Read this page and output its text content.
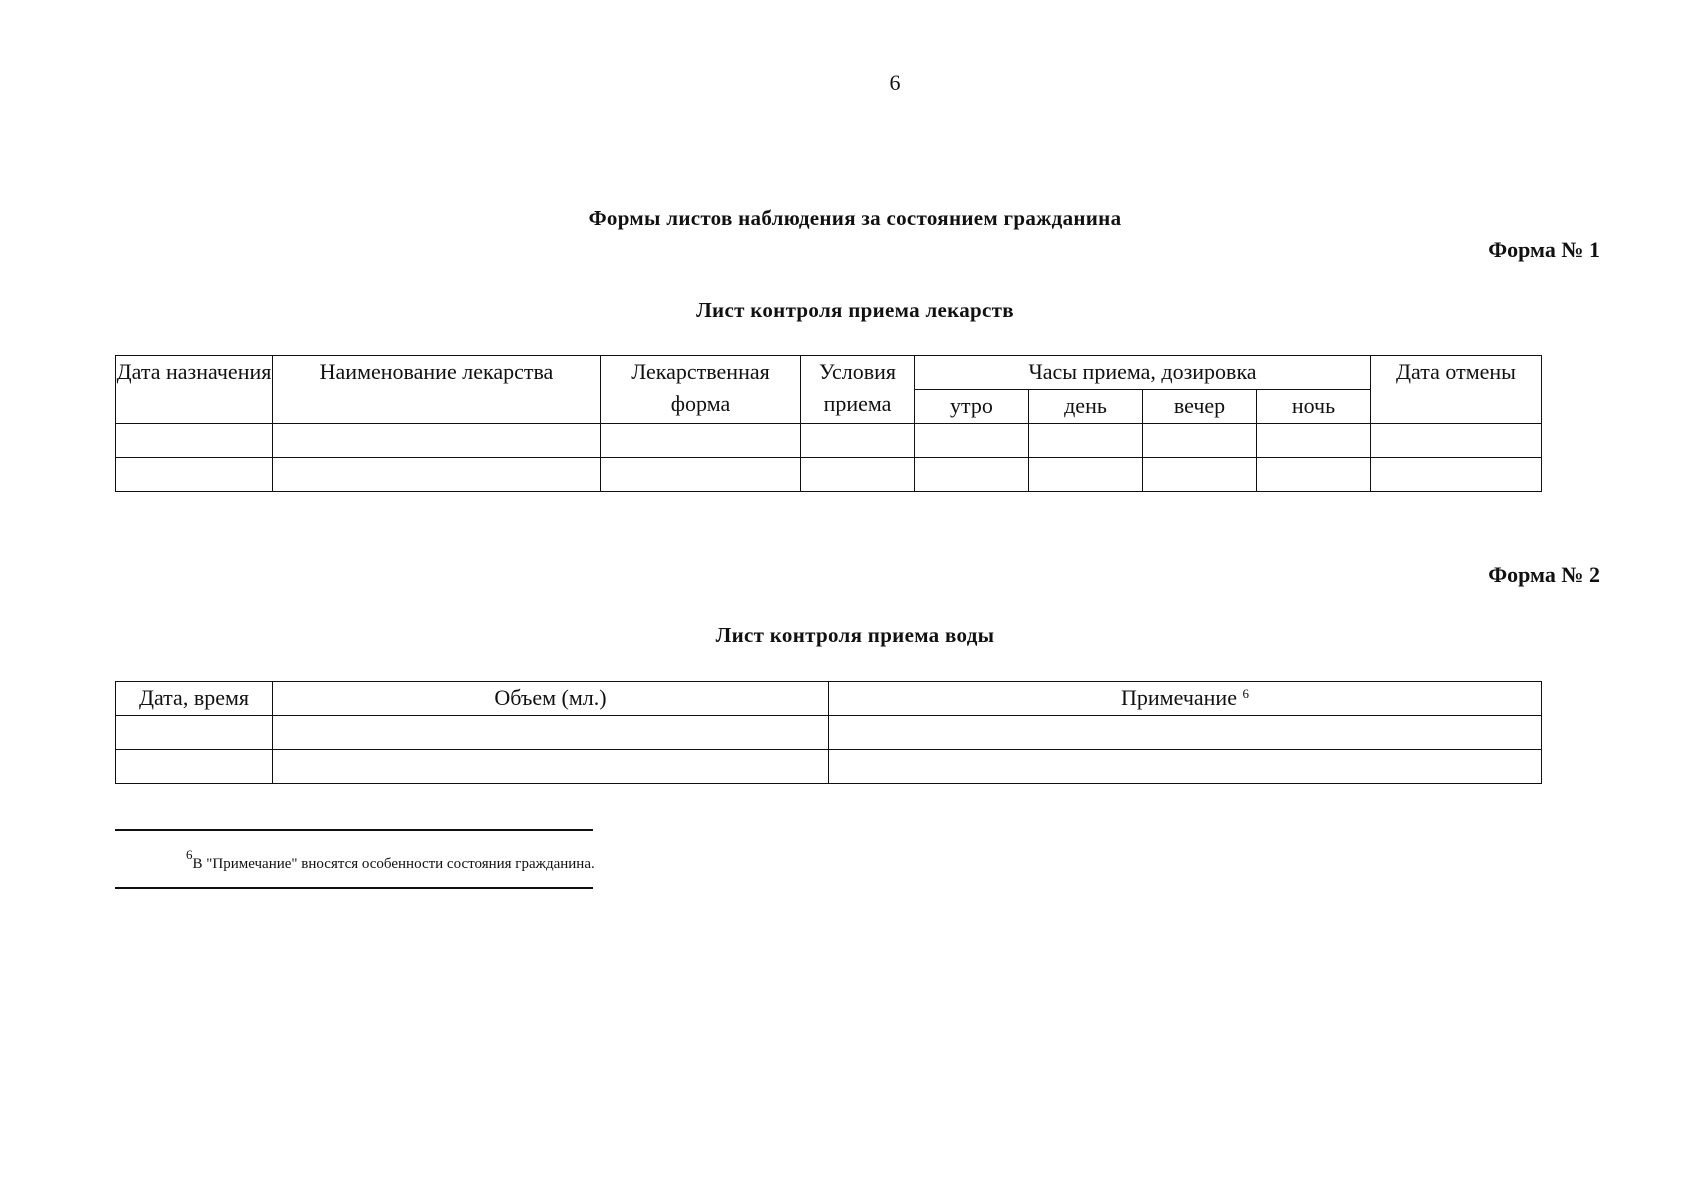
6
Формы листов наблюдения за состоянием гражданина
Форма № 1
Лист контроля приема лекарств
Дата назначения	Наименование лекарства	Лекарственная форма	Условия приема	Часы приема, дозировка				Дата отмены
				утро	день	вечер	ночь	

Форма № 2
Лист контроля приема воды
Дата, время	Объем (мл.)	Примечание $^6$

$^6$В "Примечание" вносятся особенности состояния гражданина.
